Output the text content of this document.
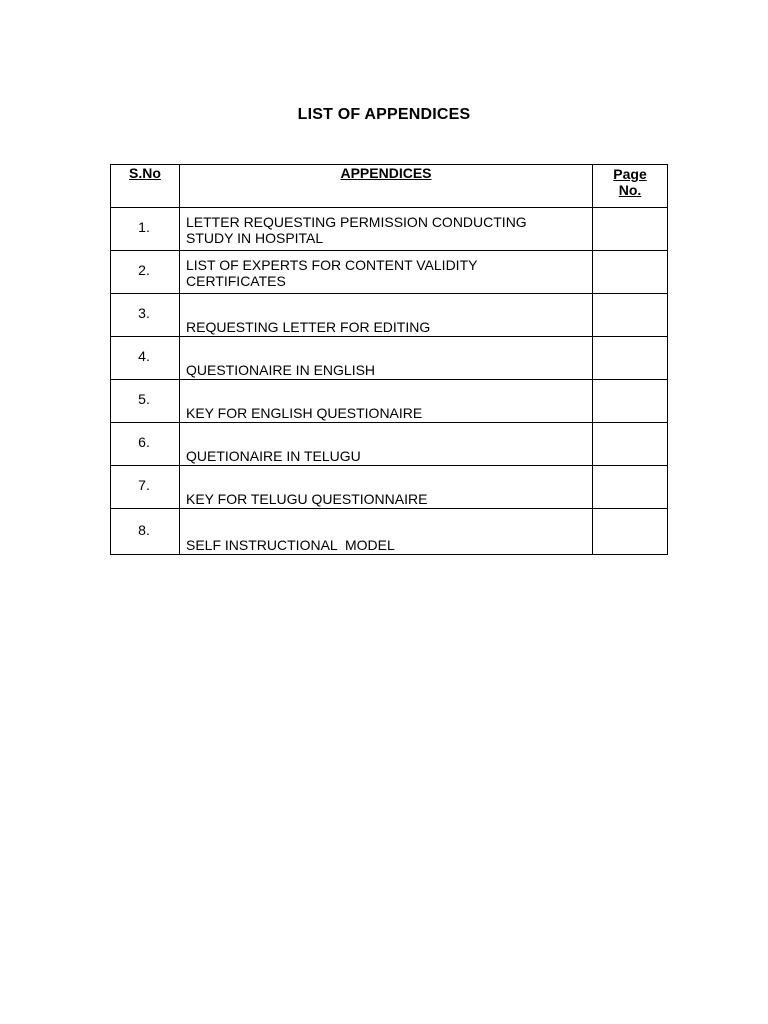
LIST OF APPENDICES
S.No	APPENDICES	Page
No.
1.	LETTER REQUESTING PERMISSION CONDUCTING
STUDY IN HOSPITAL	
2.	LIST OF EXPERTS FOR CONTENT VALIDITY
CERTIFICATES	
3.	REQUESTING LETTER FOR EDITING	
4.	QUESTIONAIRE IN ENGLISH	
5.	KEY FOR ENGLISH QUESTIONAIRE	
6.	QUETIONAIRE IN TELUGU	
7.	KEY FOR TELUGU QUESTIONNAIRE	
8.	SELF INSTRUCTIONAL  MODEL	
